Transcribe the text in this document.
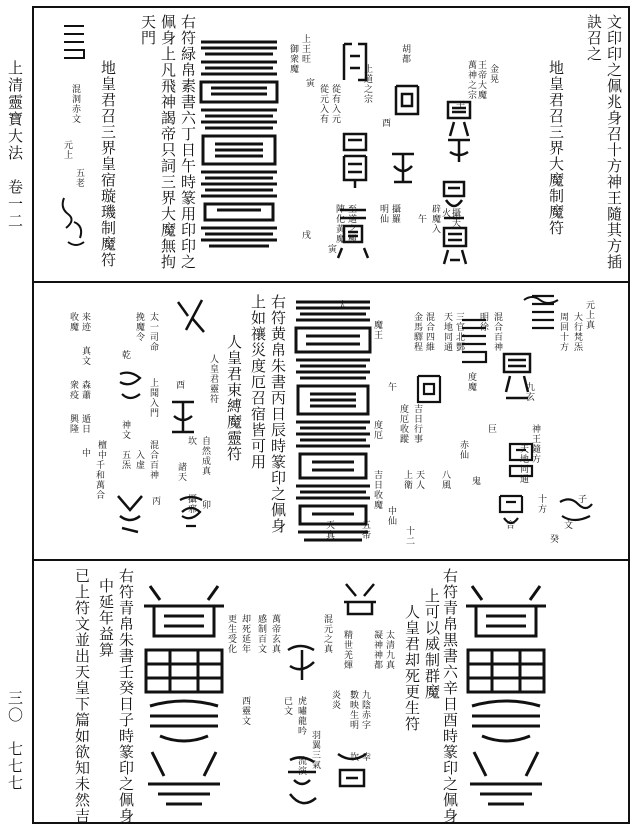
上清靈寶大法　卷一二
三〇　七七七
文印印之佩兆身召十方神王隨其方插
訣召之
地皇君召三界大魔制魔符
右符緑帛素書六丁日午時篆用印印之
佩身上凡飛神謁帝只詞三界大魔無拘
天門
地皇君召三界皇宿璇璣制魔符	金晃
王帝大魔
子
萬神之宗
攝天
火
辟魔入
午
胡都
酉
攝羅
明仙
至道之極
陣化黃魔
寅
上道之宗
從有入元
從元入有
戌
御衆魔 上王旺
寅
混洞赤文
元上
五老
右符黄帛朱書丙日辰時篆印之佩身
上如禳災度厄召宿皆可用
人皇君束縛魔靈符
元上真
大行梵炁
周回十方
混合百神
明徐
度魔
三官北酆
天地同通
混合四維
金馬驛程
九玄
巨
吉日行事
度厄收蹤	神王隨方
天地同通
赤仙
子
文
十方
鬼
八風
天人
上衛
十二	癸
合
魔王
午
度厄
吉日收魔
中仙
五帝
天真
太一
人皇君靈符
太一司命
挽魔令
乾
上聞入門
神文
混合百神
来迹
收魔
真文
酉
丙	卯
諸天
森蕭
衆疫
遁日
興隆
中 檀中
千和萬合
自然成真
坎
攝邪
入虚
五炁
右符青帛黒書六辛日酉時篆印之佩身
上可以威制群魔
人皇君却死更生符
右符青帛朱書壬癸日子時篆印之佩身
中延年益算
已上符文並出天皇下篇如欲知未然吉	太清九真
凝神神都
九陰赤字
數映生明
坎
精世羌煇
炎炎
混元之真
虎嘯龍吟
已文
萬帝玄真
感制百文
却死延年
更生受化
西靈文
羽翼三氣
流演	幸
